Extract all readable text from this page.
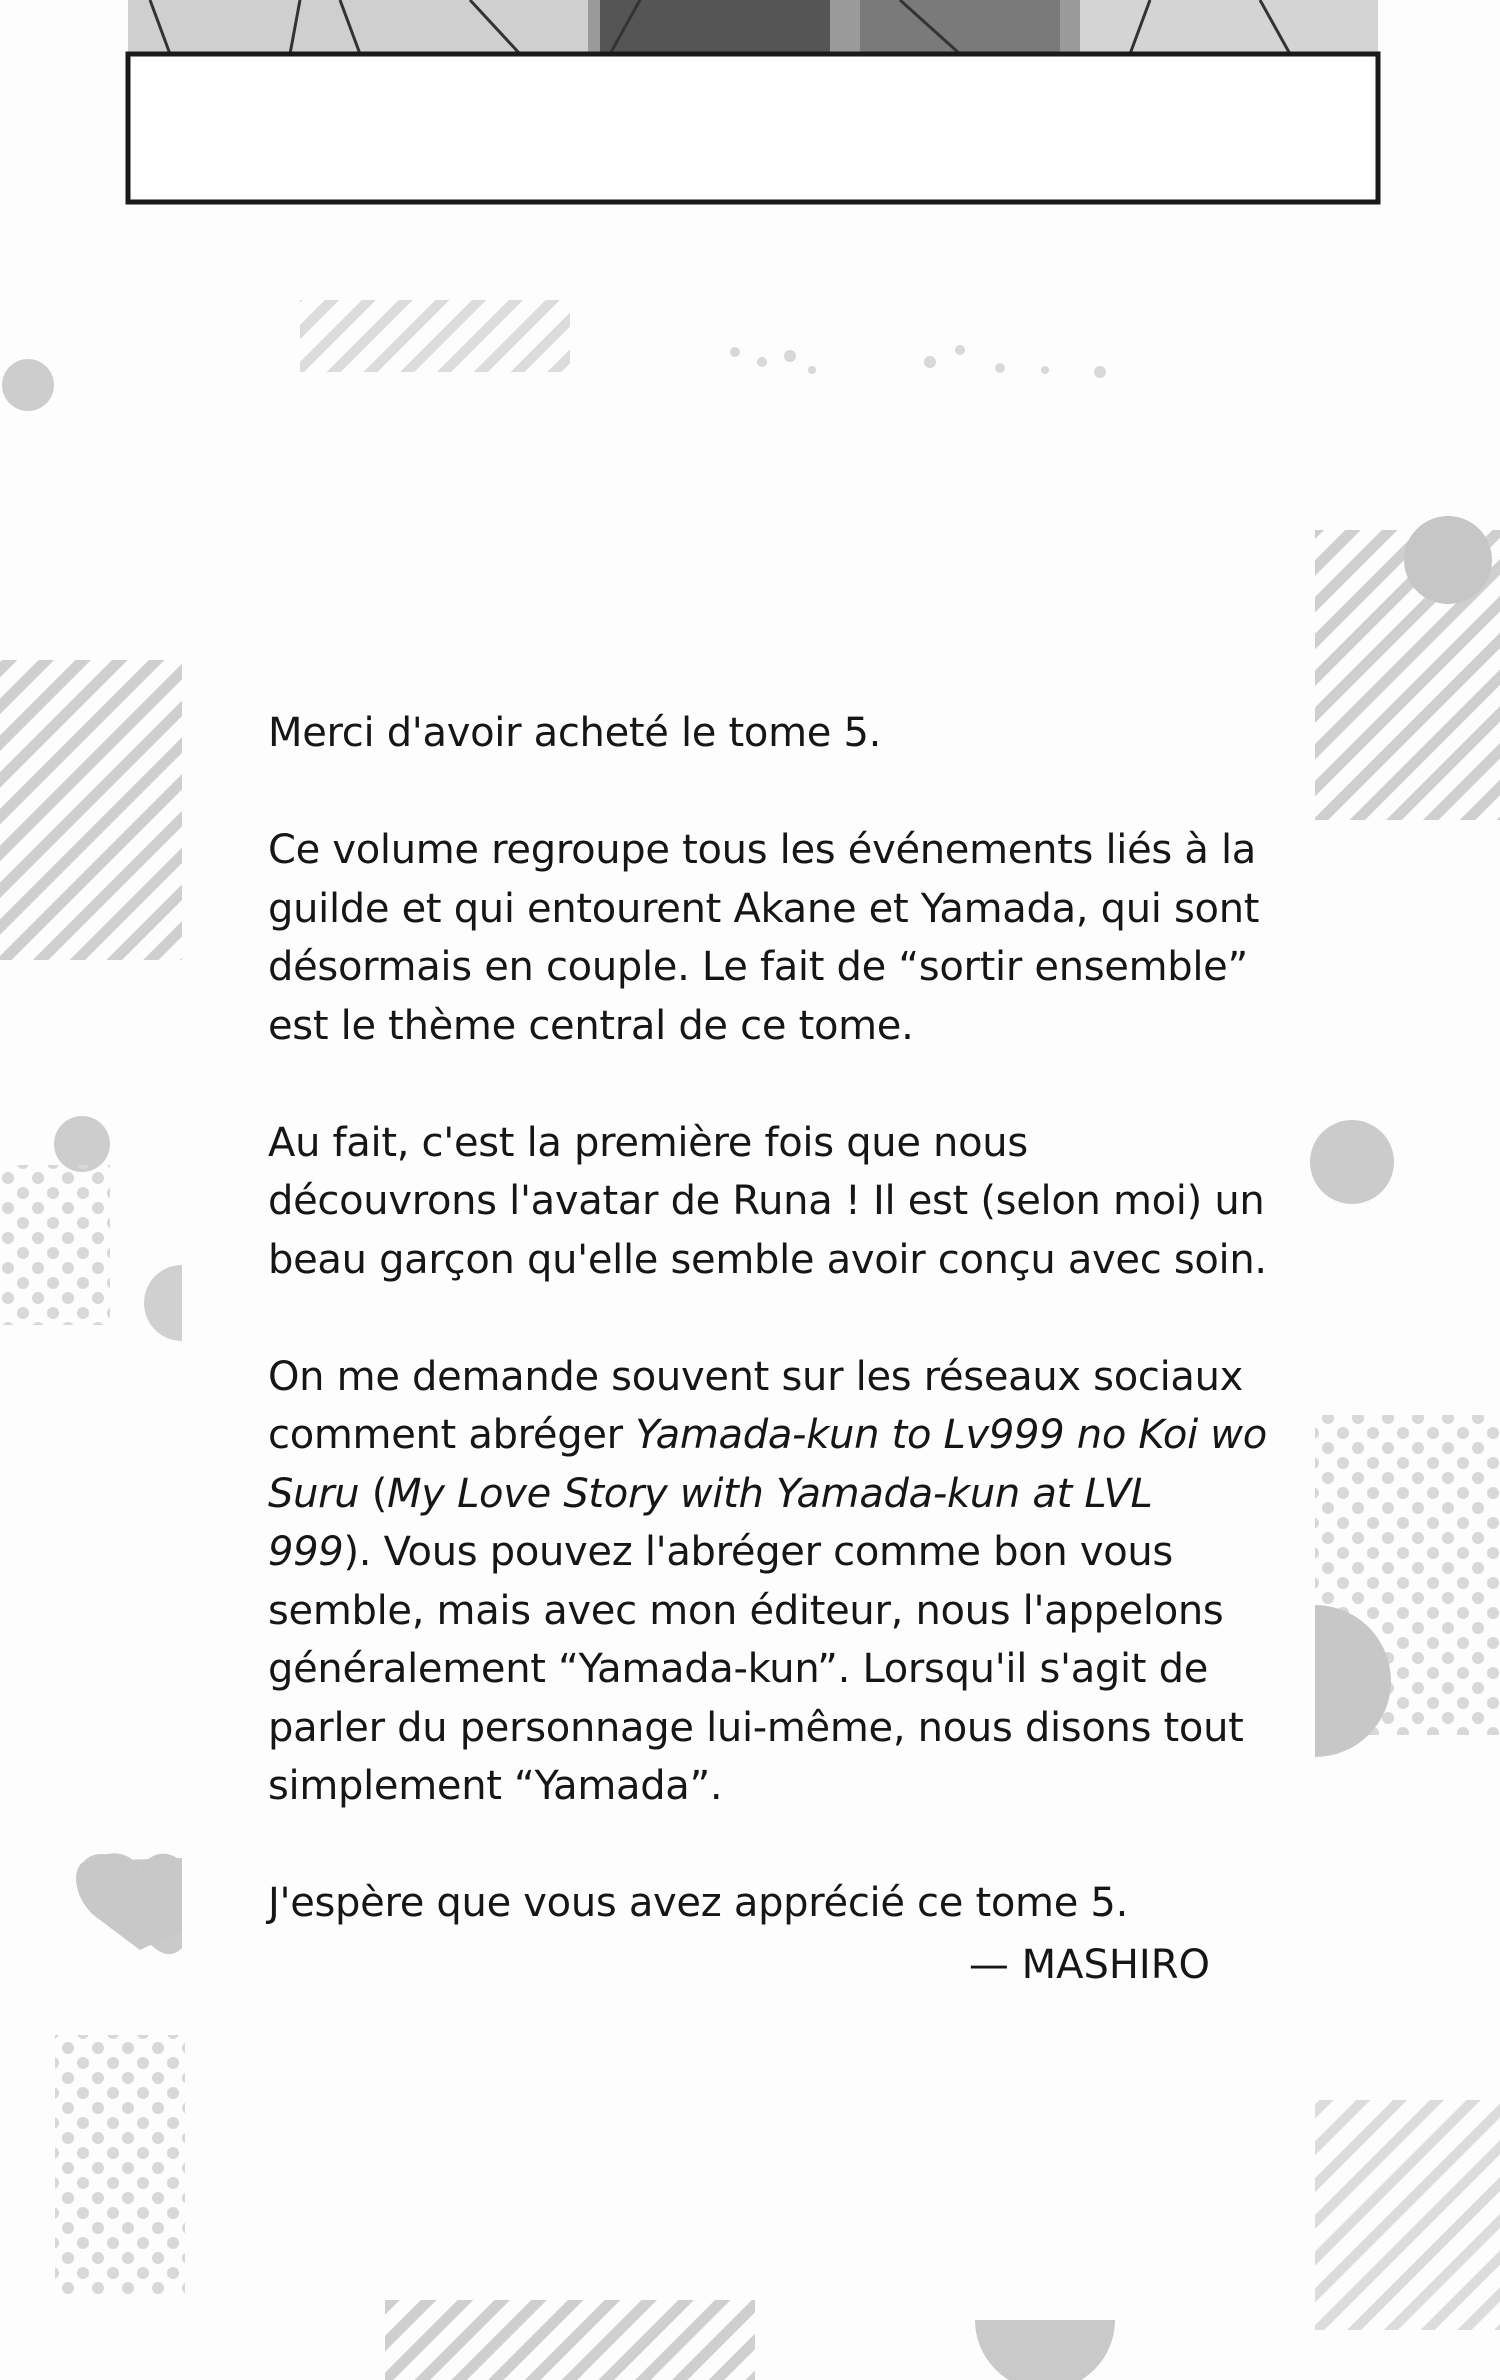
Merci d'avoir acheté le tome 5.

Ce volume regroupe tous les événements liés à la guilde et qui entourent Akane et Yamada, qui sont désormais en couple. Le fait de “sortir ensemble” est le thème central de ce tome.

Au fait, c'est la première fois que nous découvrons l'avatar de Runa ! Il est (selon moi) un beau garçon qu'elle semble avoir conçu avec soin.

On me demande souvent sur les réseaux sociaux comment abréger Yamada-kun to Lv999 no Koi wo Suru (My Love Story with Yamada-kun at LVL 999). Vous pouvez l'abréger comme bon vous semble, mais avec mon éditeur, nous l'appelons généralement “Yamada-kun”. Lorsqu'il s'agit de parler du personnage lui-même, nous disons tout simplement “Yamada”.

J'espère que vous avez apprécié ce tome 5.

— MASHIRO
